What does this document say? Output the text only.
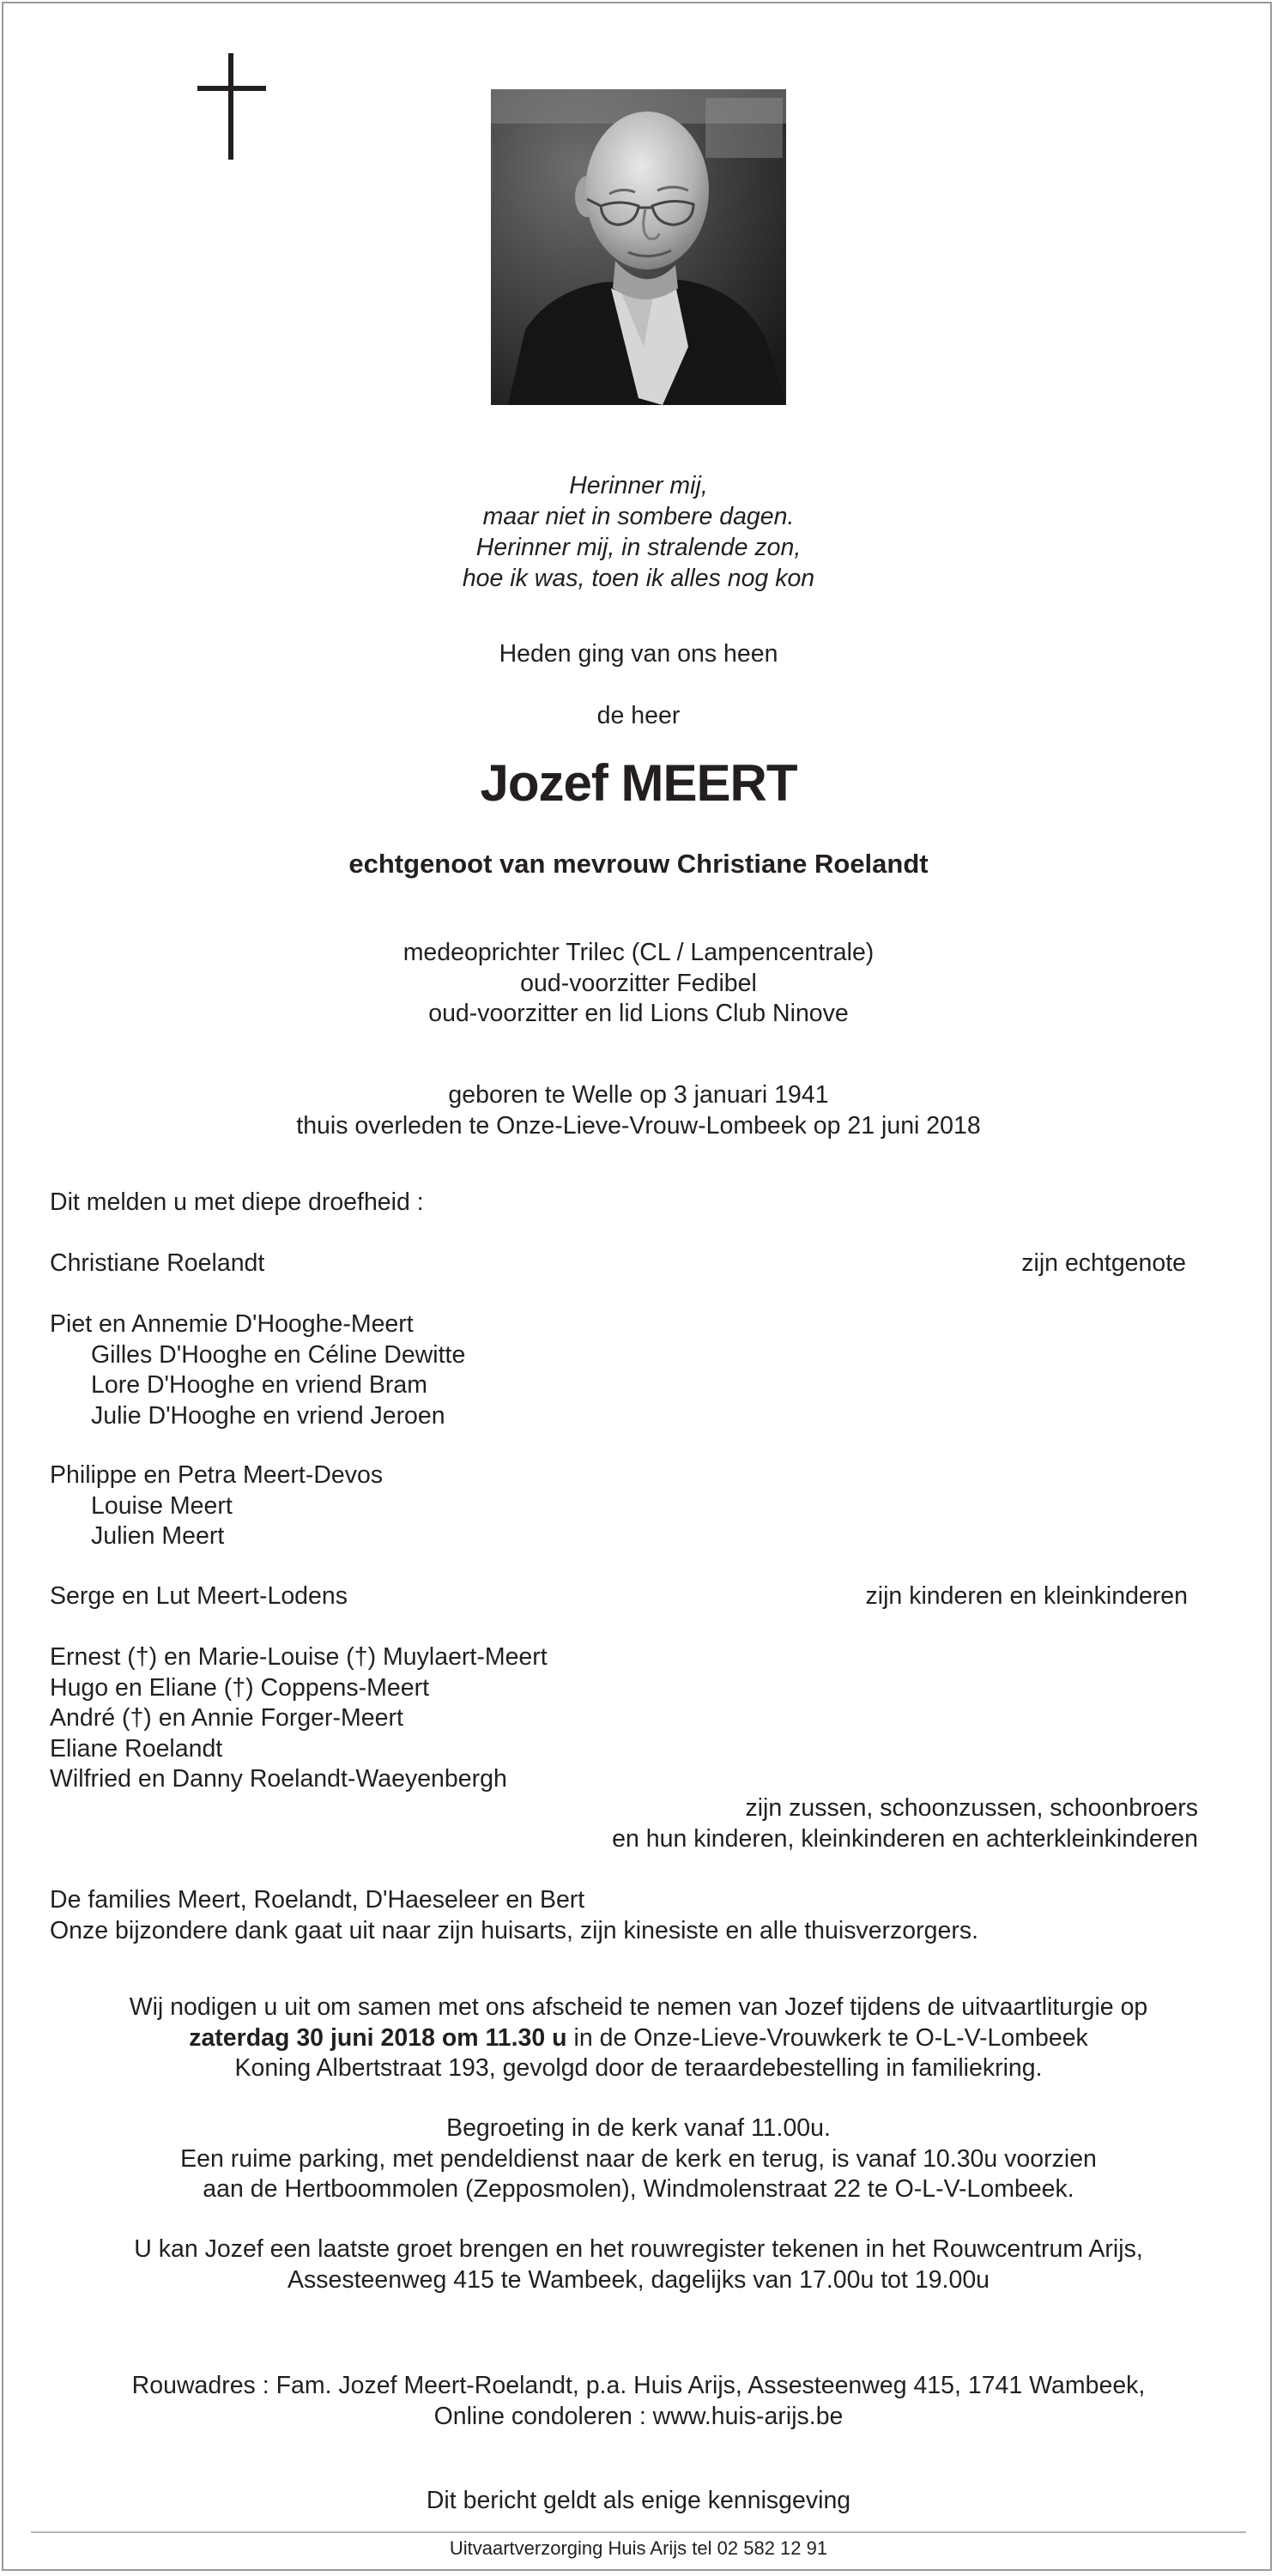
Herinner mij,
maar niet in sombere dagen.
Herinner mij, in stralende zon,
hoe ik was, toen ik alles nog kon
Heden ging van ons heen
de heer
Jozef MEERT
echtgenoot van mevrouw Christiane Roelandt
medeoprichter Trilec (CL / Lampencentrale)
oud-voorzitter Fedibel
oud-voorzitter en lid Lions Club Ninove
geboren te Welle op 3 januari 1941
thuis overleden te Onze-Lieve-Vrouw-Lombeek op 21 juni 2018
Dit melden u met diepe droefheid :
Christiane Roelandt	zijn echtgenote
Piet en Annemie D'Hooghe-Meert
Gilles D'Hooghe en Céline Dewitte
Lore D'Hooghe en vriend Bram
Julie D'Hooghe en vriend Jeroen
Philippe en Petra Meert-Devos
Louise Meert
Julien Meert
Serge en Lut Meert-Lodens	zijn kinderen en kleinkinderen
Ernest (†) en Marie-Louise (†) Muylaert-Meert
Hugo en Eliane (†) Coppens-Meert
André (†) en Annie Forger-Meert
Eliane Roelandt
Wilfried en Danny Roelandt-Waeyenbergh
zijn zussen, schoonzussen, schoonbroers
en hun kinderen, kleinkinderen en achterkleinkinderen
De families Meert, Roelandt, D'Haeseleer en Bert
Onze bijzondere dank gaat uit naar zijn huisarts, zijn kinesiste en alle thuisverzorgers.
Wij nodigen u uit om samen met ons afscheid te nemen van Jozef tijdens de uitvaartliturgie op
zaterdag 30 juni 2018 om 11.30 u in de Onze-Lieve-Vrouwkerk te O-L-V-Lombeek
Koning Albertstraat 193, gevolgd door de teraardebestelling in familiekring.
Begroeting in de kerk vanaf 11.00u.
Een ruime parking, met pendeldienst naar de kerk en terug, is vanaf 10.30u voorzien
aan de Hertboommolen (Zepposmolen), Windmolenstraat 22 te O-L-V-Lombeek.
U kan Jozef een laatste groet brengen en het rouwregister tekenen in het Rouwcentrum Arijs,
Assesteenweg 415 te Wambeek, dagelijks van 17.00u tot 19.00u
Rouwadres : Fam. Jozef Meert-Roelandt, p.a. Huis Arijs, Assesteenweg 415, 1741 Wambeek,
Online condoleren : www.huis-arijs.be
Dit bericht geldt als enige kennisgeving
Uitvaartverzorging Huis Arijs tel 02 582 12 91
